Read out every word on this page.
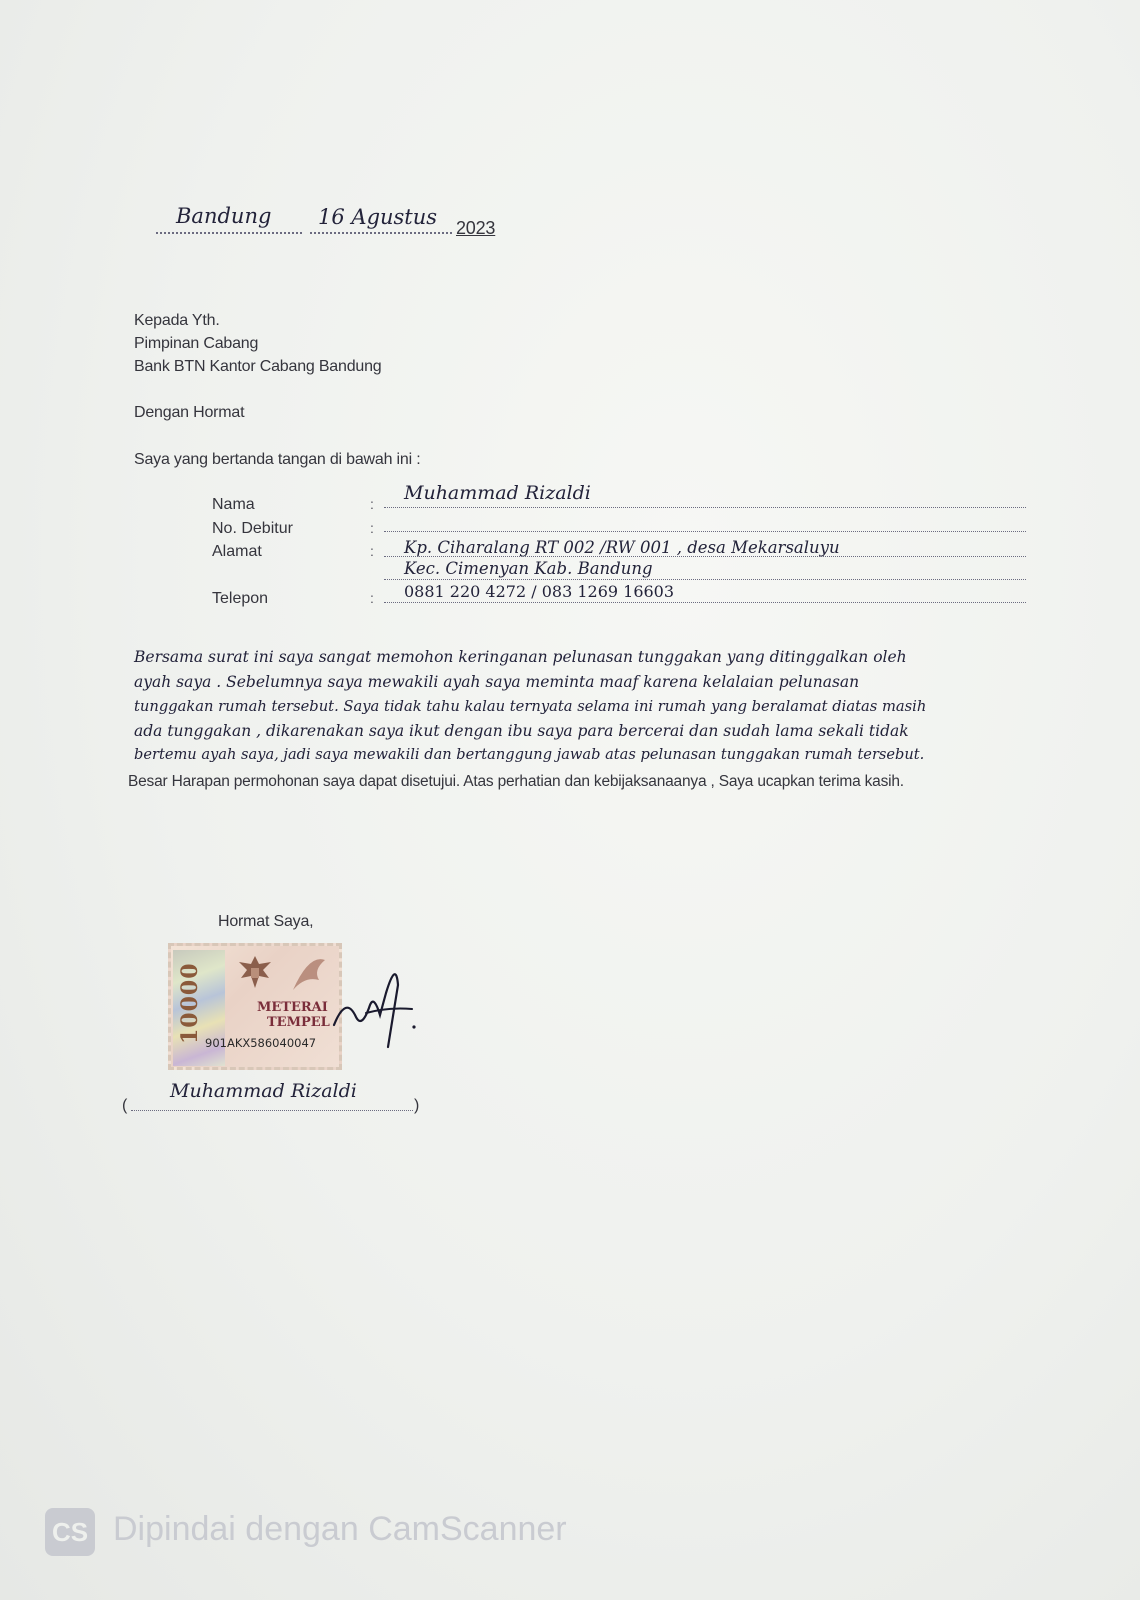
Bandung 16 Agustus 2023
Kepada Yth.
Pimpinan Cabang
Bank BTN Kantor Cabang Bandung
Dengan Hormat
Saya yang bertanda tangan di bawah ini :
Nama
No. Debitur
Alamat
Telepon
:
:
:
:
Muhammad Rizaldi
Kp. Ciharalang RT 002 /RW 001 , desa Mekarsaluyu
Kec. Cimenyan Kab. Bandung
0881 220 4272 / 083 1269 16603
Bersama surat ini saya sangat memohon keringanan pelunasan tunggakan yang ditinggalkan oleh
ayah saya . Sebelumnya saya mewakili ayah saya meminta maaf karena kelalaian pelunasan
tunggakan rumah tersebut. Saya tidak tahu kalau ternyata selama ini rumah yang beralamat diatas masih
ada tunggakan , dikarenakan saya ikut dengan ibu saya para bercerai dan sudah lama sekali tidak
bertemu ayah saya, jadi saya mewakili dan bertanggung jawab atas pelunasan tunggakan rumah tersebut.
Besar Harapan permohonan saya dapat disetujui. Atas perhatian dan kebijaksanaanya , Saya ucapkan terima kasih.
Hormat Saya,
10000	METERAI
TEMPEL
901AKX586040047
Muhammad Rizaldi
(	)
CS Dipindai dengan CamScanner
